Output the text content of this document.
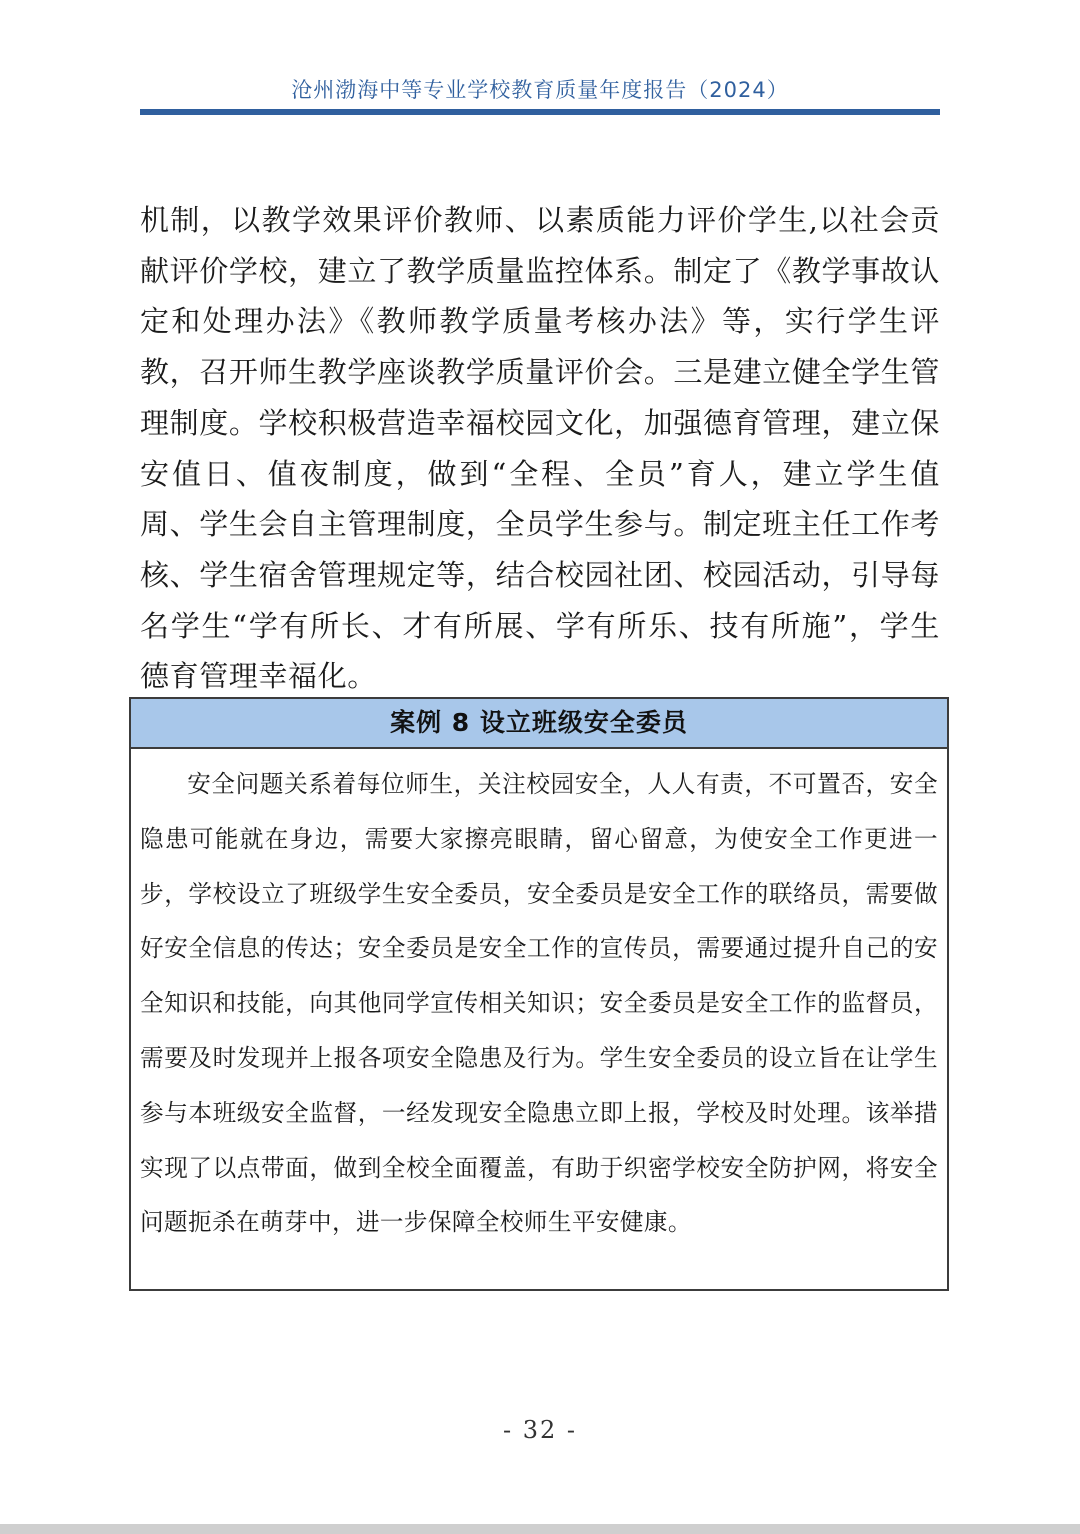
沧州渤海中等专业学校教育质量年度报告（2024）

机制，以教学效果评价教师、以素质能力评价学生,以社会贡献评价学校，建立了教学质量监控体系。制定了《教学事故认定和处理办法》《教师教学质量考核办法》等，实行学生评教，召开师生教学座谈教学质量评价会。三是建立健全学生管理制度。学校积极营造幸福校园文化，加强德育管理，建立保安值日、值夜制度，做到“全程、全员”育人，建立学生值周、学生会自主管理制度，全员学生参与。制定班主任工作考核、学生宿舍管理规定等，结合校园社团、校园活动，引导每名学生“学有所长、才有所展、学有所乐、技有所施”，学生德育管理幸福化。

案例 8 设立班级安全委员

安全问题关系着每位师生，关注校园安全，人人有责，不可置否，安全隐患可能就在身边，需要大家擦亮眼睛，留心留意，为使安全工作更进一步，学校设立了班级学生安全委员，安全委员是安全工作的联络员，需要做好安全信息的传达；安全委员是安全工作的宣传员，需要通过提升自己的安全知识和技能，向其他同学宣传相关知识；安全委员是安全工作的监督员，需要及时发现并上报各项安全隐患及行为。学生安全委员的设立旨在让学生参与本班级安全监督，一经发现安全隐患立即上报，学校及时处理。该举措实现了以点带面，做到全校全面覆盖，有助于织密学校安全防护网，将安全问题扼杀在萌芽中，进一步保障全校师生平安健康。

- 32 -
